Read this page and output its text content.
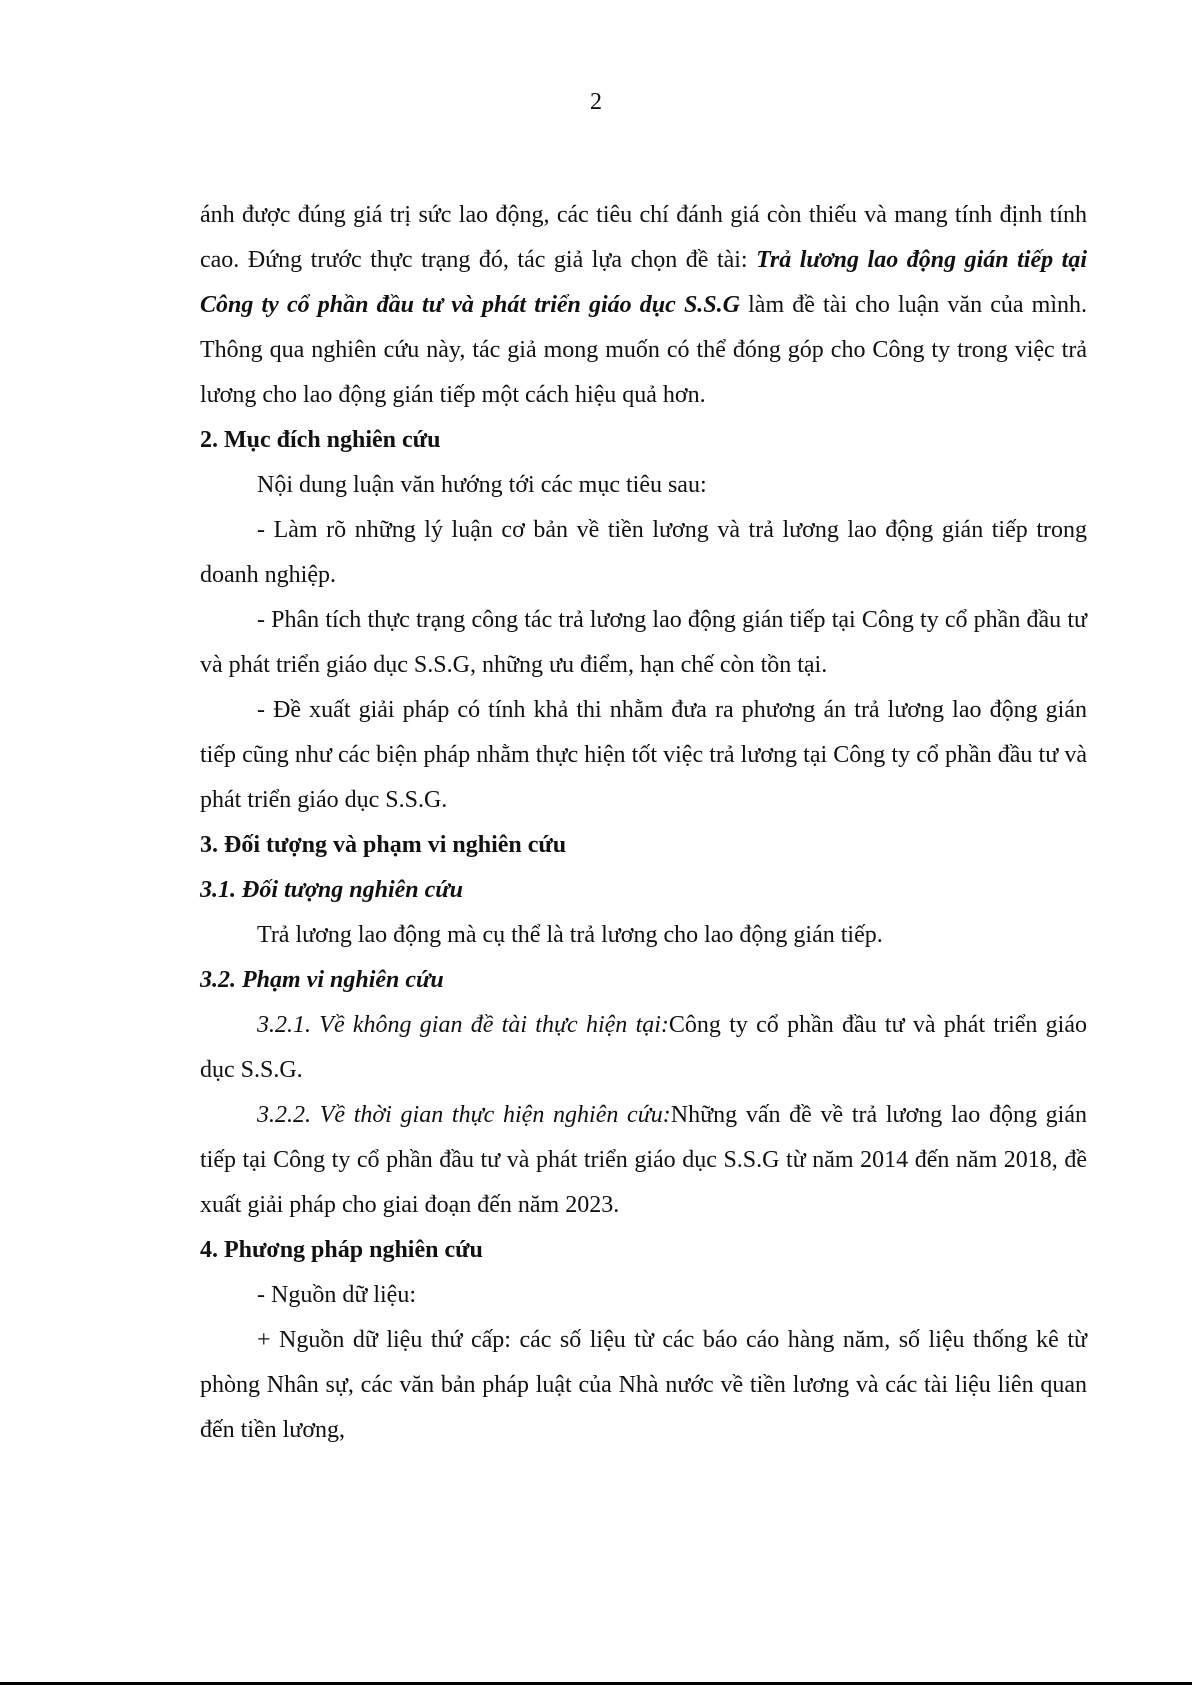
2

ánh được đúng giá trị sức lao động, các tiêu chí đánh giá còn thiếu và mang tính định tính cao. Đứng trước thực trạng đó, tác giả lựa chọn đề tài: Trả lương lao động gián tiếp tại Công ty cổ phần đầu tư và phát triển giáo dục S.S.G làm đề tài cho luận văn của mình. Thông qua nghiên cứu này, tác giả mong muốn có thể đóng góp cho Công ty trong việc trả lương cho lao động gián tiếp một cách hiệu quả hơn.

2. Mục đích nghiên cứu

Nội dung luận văn hướng tới các mục tiêu sau:

- Làm rõ những lý luận cơ bản về tiền lương và trả lương lao động gián tiếp trong doanh nghiệp.

- Phân tích thực trạng công tác trả lương lao động gián tiếp tại Công ty cổ phần đầu tư và phát triển giáo dục S.S.G, những ưu điểm, hạn chế còn tồn tại.

- Đề xuất giải pháp có tính khả thi nhằm đưa ra phương án trả lương lao động gián tiếp cũng như các biện pháp nhằm thực hiện tốt việc trả lương tại Công ty cổ phần đầu tư và phát triển giáo dục S.S.G.

3. Đối tượng và phạm vi nghiên cứu

3.1. Đối tượng nghiên cứu

Trả lương lao động mà cụ thể là trả lương cho lao động gián tiếp.

3.2. Phạm vi nghiên cứu

3.2.1. Về không gian đề tài thực hiện tại:Công ty cổ phần đầu tư và phát triển giáo dục S.S.G.

3.2.2. Về thời gian thực hiện nghiên cứu:Những vấn đề về trả lương lao động gián tiếp tại Công ty cổ phần đầu tư và phát triển giáo dục S.S.G từ năm 2014 đến năm 2018, đề xuất giải pháp cho giai đoạn đến năm 2023.

4. Phương pháp nghiên cứu

- Nguồn dữ liệu:

+ Nguồn dữ liệu thứ cấp: các số liệu từ các báo cáo hàng năm, số liệu thống kê từ phòng Nhân sự, các văn bản pháp luật của Nhà nước về tiền lương và các tài liệu liên quan đến tiền lương,
